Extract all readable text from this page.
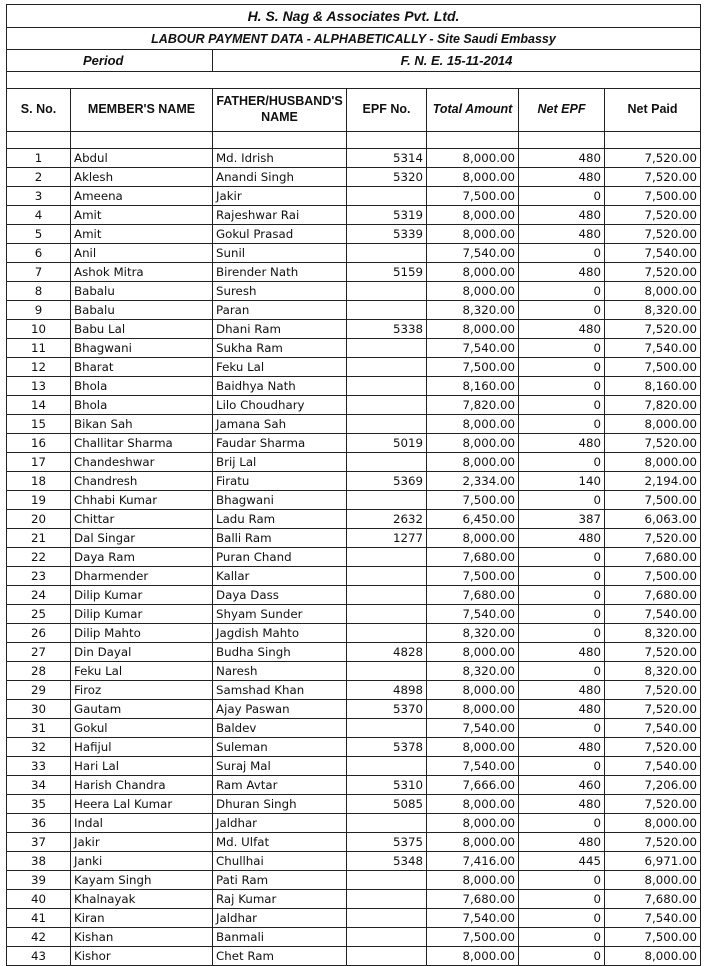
H. S. Nag & Associates Pvt. Ltd.						
LABOUR PAYMENT DATA - ALPHABETICALLY - Site Saudi Embassy						
Period		F. N. E. 15-11-2014				

S. No.	MEMBER'S NAME	FATHER/HUSBAND'S NAME	EPF No.	Total Amount	Net EPF	Net Paid

1	Abdul	Md. Idrish	5314	8,000.00	480	7,520.00
2	Aklesh	Anandi Singh	5320	8,000.00	480	7,520.00
3	Ameena	Jakir		7,500.00	0	7,500.00
4	Amit	Rajeshwar Rai	5319	8,000.00	480	7,520.00
5	Amit	Gokul Prasad	5339	8,000.00	480	7,520.00
6	Anil	Sunil		7,540.00	0	7,540.00
7	Ashok Mitra	Birender Nath	5159	8,000.00	480	7,520.00
8	Babalu	Suresh		8,000.00	0	8,000.00
9	Babalu	Paran		8,320.00	0	8,320.00
10	Babu Lal	Dhani Ram	5338	8,000.00	480	7,520.00
11	Bhagwani	Sukha Ram		7,540.00	0	7,540.00
12	Bharat	Feku Lal		7,500.00	0	7,500.00
13	Bhola	Baidhya Nath		8,160.00	0	8,160.00
14	Bhola	Lilo Choudhary		7,820.00	0	7,820.00
15	Bikan Sah	Jamana Sah		8,000.00	0	8,000.00
16	Challitar Sharma	Faudar Sharma	5019	8,000.00	480	7,520.00
17	Chandeshwar	Brij Lal		8,000.00	0	8,000.00
18	Chandresh	Firatu	5369	2,334.00	140	2,194.00
19	Chhabi Kumar	Bhagwani		7,500.00	0	7,500.00
20	Chittar	Ladu Ram	2632	6,450.00	387	6,063.00
21	Dal Singar	Balli Ram	1277	8,000.00	480	7,520.00
22	Daya Ram	Puran Chand		7,680.00	0	7,680.00
23	Dharmender	Kallar		7,500.00	0	7,500.00
24	Dilip Kumar	Daya Dass		7,680.00	0	7,680.00
25	Dilip Kumar	Shyam Sunder		7,540.00	0	7,540.00
26	Dilip Mahto	Jagdish Mahto		8,320.00	0	8,320.00
27	Din Dayal	Budha Singh	4828	8,000.00	480	7,520.00
28	Feku Lal	Naresh		8,320.00	0	8,320.00
29	Firoz	Samshad Khan	4898	8,000.00	480	7,520.00
30	Gautam	Ajay Paswan	5370	8,000.00	480	7,520.00
31	Gokul	Baldev		7,540.00	0	7,540.00
32	Hafijul	Suleman	5378	8,000.00	480	7,520.00
33	Hari Lal	Suraj Mal		7,540.00	0	7,540.00
34	Harish Chandra	Ram Avtar	5310	7,666.00	460	7,206.00
35	Heera Lal Kumar	Dhuran Singh	5085	8,000.00	480	7,520.00
36	Indal	Jaldhar		8,000.00	0	8,000.00
37	Jakir	Md. Ulfat	5375	8,000.00	480	7,520.00
38	Janki	Chullhai	5348	7,416.00	445	6,971.00
39	Kayam Singh	Pati Ram		8,000.00	0	8,000.00
40	Khalnayak	Raj Kumar		7,680.00	0	7,680.00
41	Kiran	Jaldhar		7,540.00	0	7,540.00
42	Kishan	Banmali		7,500.00	0	7,500.00
43	Kishor	Chet Ram		8,000.00	0	8,000.00
